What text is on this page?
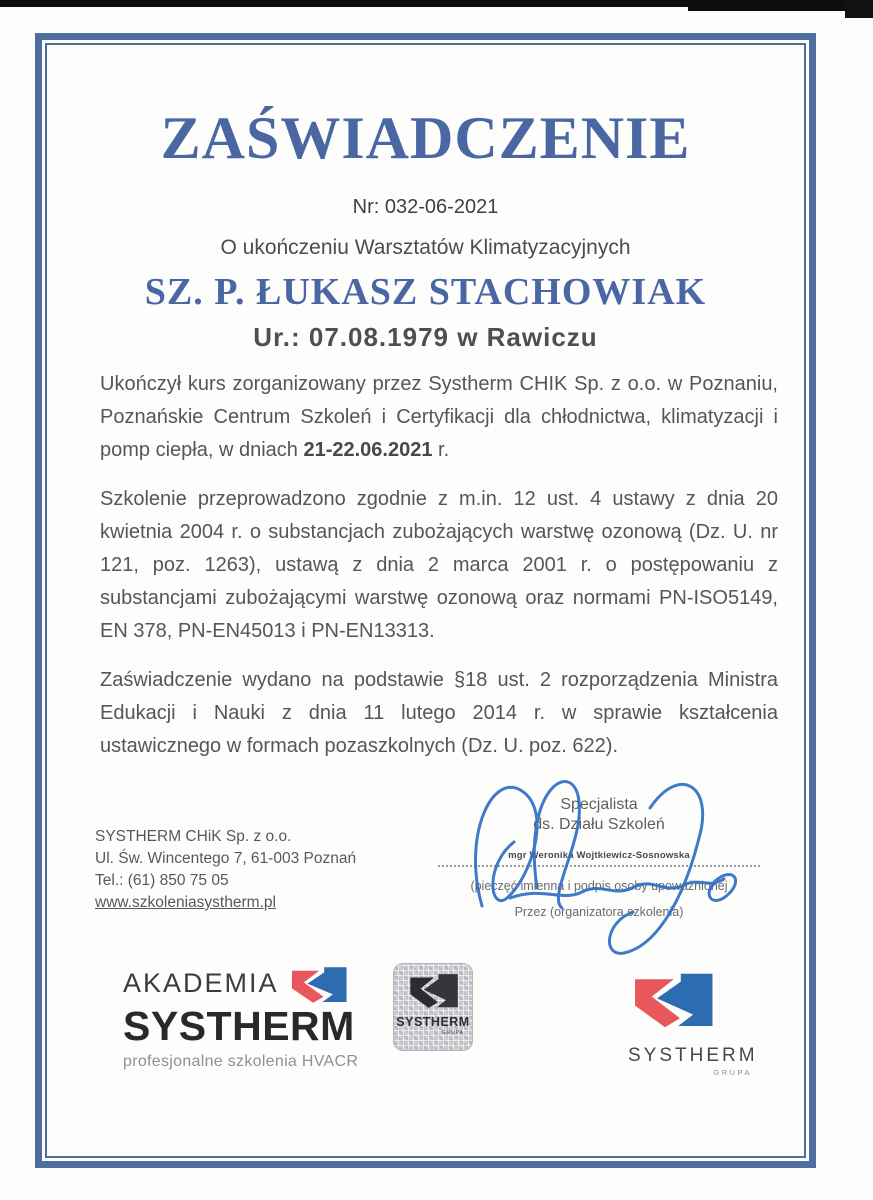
ZAŚWIADCZENIE
Nr: 032-06-2021
O ukończeniu Warsztatów Klimatyzacyjnych
SZ. P. ŁUKASZ STACHOWIAK
Ur.: 07.08.1979 w Rawiczu

Ukończył kurs zorganizowany przez Systherm CHIK Sp. z o.o. w Poznaniu, Poznańskie Centrum Szkoleń i Certyfikacji dla chłodnictwa, klimatyzacji i pomp ciepła, w dniach 21-22.06.2021 r.

Szkolenie przeprowadzono zgodnie z m.in. 12 ust. 4 ustawy z dnia 20 kwietnia 2004 r. o substancjach zubożających warstwę ozonową (Dz. U. nr 121, poz. 1263), ustawą z dnia 2 marca 2001 r. o postępowaniu z substancjami zubożającymi warstwę ozonową oraz normami PN-ISO5149, EN 378, PN-EN45013 i PN-EN13313.

Zaświadczenie wydano na podstawie §18 ust. 2 rozporządzenia Ministra Edukacji i Nauki z dnia 11 lutego 2014 r. w sprawie kształcenia ustawicznego w formach pozaszkolnych (Dz. U. poz. 622).

SYSTHERM CHiK Sp. z o.o.
Ul. Św. Wincentego 7, 61-003 Poznań
Tel.: (61) 850 75 05
www.szkoleniasystherm.pl
Specjalista
ds. Działu Szkoleń
mgr Weronika Wojtkiewicz-Sosnowska
(pieczęć imienna i podpis osoby upoważnionej
Przez (organizatora szkolenia)
AKADEMIA
SYSTHERM
profesjonalne szkolenia HVACR
SYSTHERM
GRUPA
SYSTHERM
GRUPA
